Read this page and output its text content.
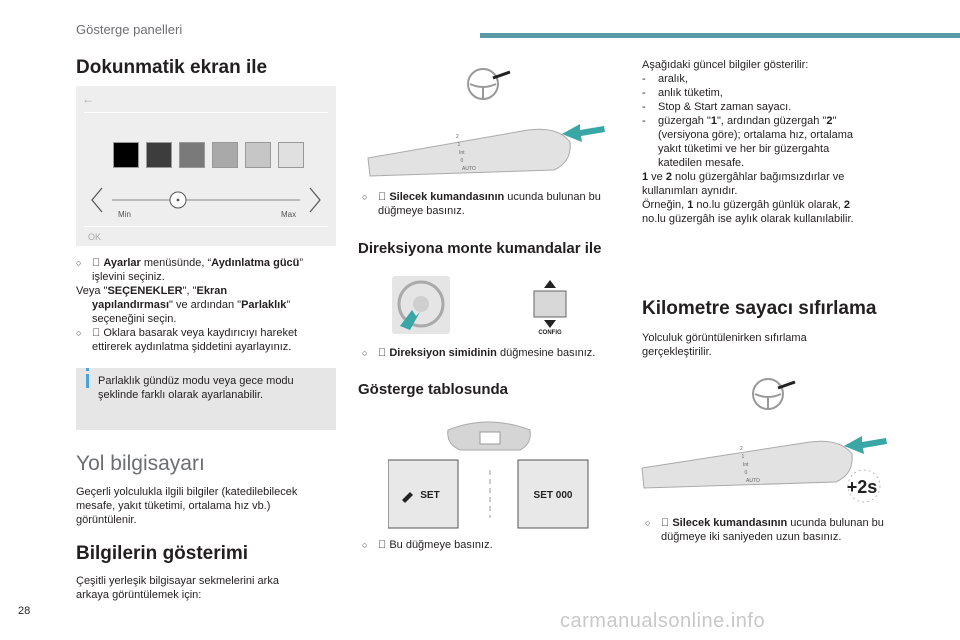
Gösterge panelleri
Dokunmatik ekran ile
←
Min	Max
OK

○ Ayarlar menüsünde, “Aydınlatma gücü”
işlevini seçiniz.
Veya "SEÇENEKLER", "Ekran
yapılandırması" ve ardından "Parlaklık"
seçeneğini seçin.

○ Oklara basarak veya kaydırıcıyı hareket
ettirerek aydınlatma şiddetini ayarlayınız.
Parlaklık gündüz modu veya gece modu
şeklinde farklı olarak ayarlanabilir.
Yol bilgisayarı
Geçerli yolculukla ilgili bilgiler (katedilebilecek
mesafe, yakıt tüketimi, ortalama hız vb.)
görüntülenir.
Bilgilerin gösterimi
Çeşitli yerleşik bilgisayar sekmelerini arka
arkaya görüntülemek için:
2
1
Int
0
AUTO

○ Silecek kumandasının ucunda bulunan bu
düğmeye basınız.
Direksiyona monte kumandalar ile
CONFIG

○ Direksiyon simidinin düğmesine basınız.
Gösterge tablosunda
SET	SET 000

○ Bu düğmeye basınız.
Aşağıdaki güncel bilgiler gösterilir:
- aralık,
- anlık tüketim,
- Stop & Start zaman sayacı.
- güzergah "1", ardından güzergah "2"
(versiyona göre); ortalama hız, ortalama
yakıt tüketimi ve her bir güzergahta
katedilen mesafe.
1 ve 2 nolu güzergâhlar bağımsızdırlar ve
kullanımları aynıdır.
Örneğin, 1 no.lu güzergâh günlük olarak, 2
no.lu güzergâh ise aylık olarak kullanılabilir.
Kilometre sayacı sıfırlama
Yolculuk görüntülenirken sıfırlama
gerçekleştirilir.
2
1
Int
0
AUTO	+2s

○ Silecek kumandasının ucunda bulunan bu
düğmeye iki saniyeden uzun basınız.
28	carmanualsonline.info
